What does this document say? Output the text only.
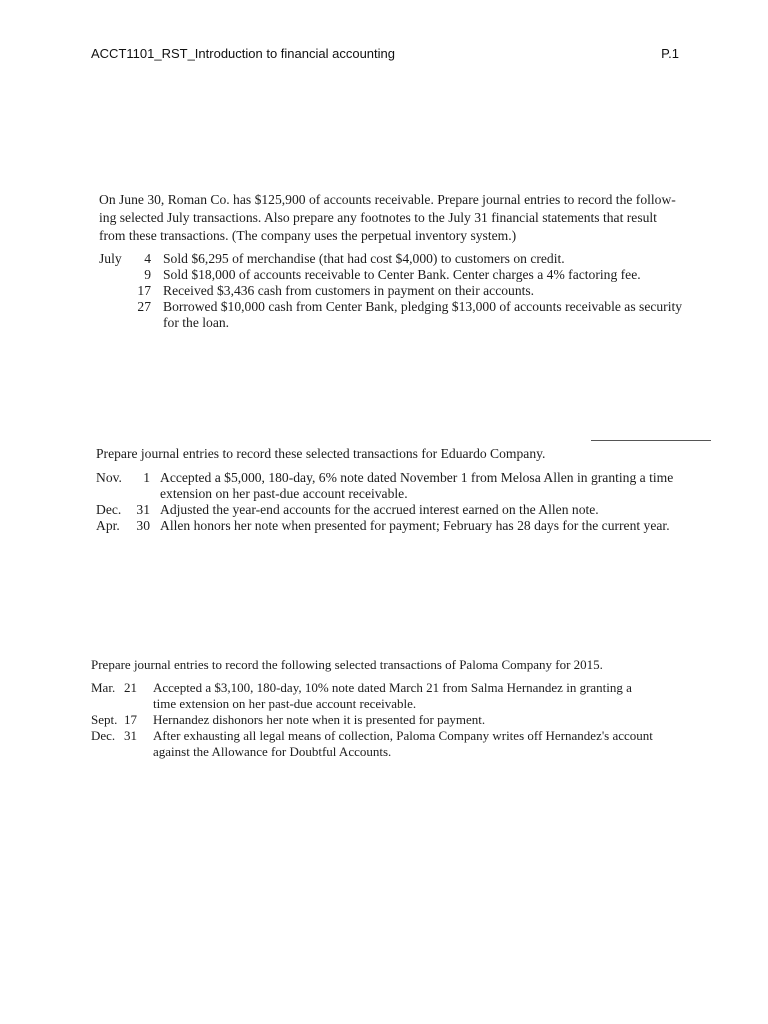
ACCT1101_RST_Introduction to financial accounting	P.1

On June 30, Roman Co. has $125,900 of accounts receivable. Prepare journal entries to record the follow-
ing selected July transactions. Also prepare any footnotes to the July 31 financial statements that result
from these transactions. (The company uses the perpetual inventory system.)

July	4 Sold $6,295 of merchandise (that had cost $4,000) to customers on credit.
9 Sold $18,000 of accounts receivable to Center Bank. Center charges a 4% factoring fee.
17 Received $3,436 cash from customers in payment on their accounts.
27 Borrowed $10,000 cash from Center Bank, pledging $13,000 of accounts receivable as security
for the loan.

Prepare journal entries to record these selected transactions for Eduardo Company.

Nov.	1 Accepted a $5,000, 180-day, 6% note dated November 1 from Melosa Allen in granting a time
extension on her past-due account receivable.
Dec.	31 Adjusted the year-end accounts for the accrued interest earned on the Allen note.
Apr.	30 Allen honors her note when presented for payment; February has 28 days for the current year.

Prepare journal entries to record the following selected transactions of Paloma Company for 2015.

Mar. 21 Accepted a $3,100, 180-day, 10% note dated March 21 from Salma Hernandez in granting a
time extension on her past-due account receivable.
Sept. 17 Hernandez dishonors her note when it is presented for payment.
Dec. 31 After exhausting all legal means of collection, Paloma Company writes off Hernandez's account
against the Allowance for Doubtful Accounts.
